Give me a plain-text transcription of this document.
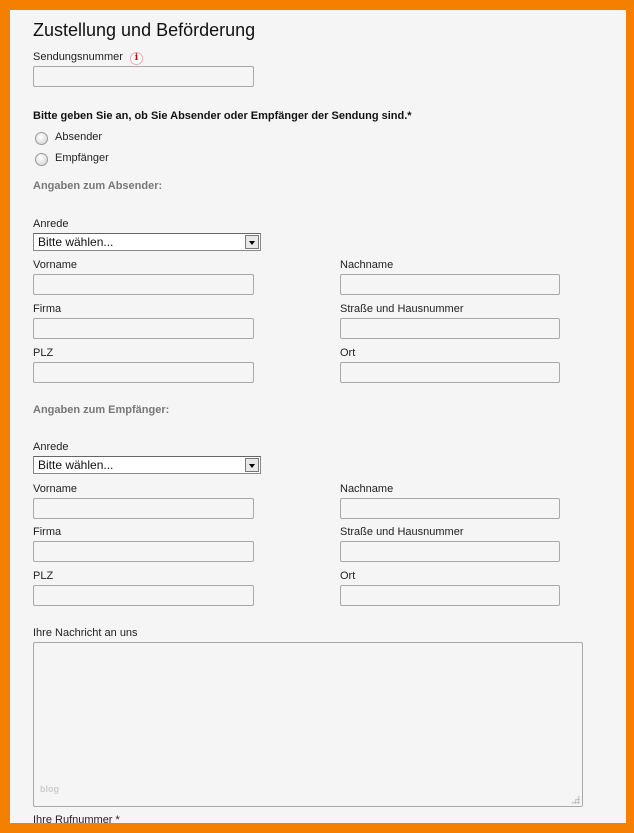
Zustellung und Beförderung
Sendungsnummer	i
Bitte geben Sie an, ob Sie Absender oder Empfänger der Sendung sind.*
Absender
Empfänger
Angaben zum Absender:
Anrede
Bitte wählen...
Vorname	Nachname
Firma	Straße und Hausnummer
PLZ	Ort
Angaben zum Empfänger:
Anrede
Bitte wählen...
Vorname	Nachname
Firma	Straße und Hausnummer
PLZ	Ort
Ihre Nachricht an uns
blog
Ihre Rufnummer *
